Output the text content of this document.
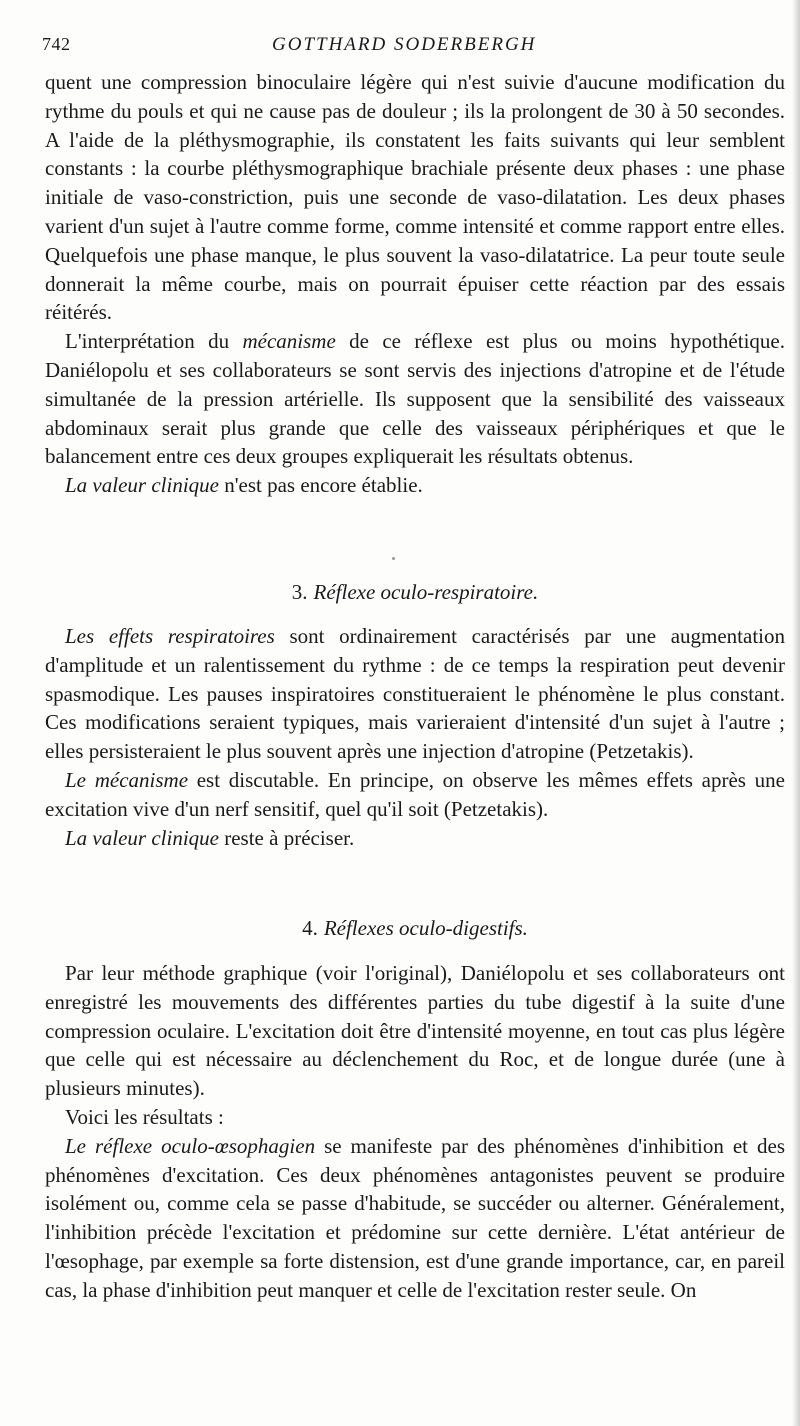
742	GOTTHARD SODERBERGH

quent une compression binoculaire légère qui n'est suivie d'aucune modification du rythme du pouls et qui ne cause pas de douleur ; ils la prolongent de 30 à 50 secondes. A l'aide de la pléthysmographie, ils constatent les faits suivants qui leur semblent constants : la courbe pléthysmographique brachiale présente deux phases : une phase initiale de vaso-constriction, puis une seconde de vaso-dilatation. Les deux phases varient d'un sujet à l'autre comme forme, comme intensité et comme rapport entre elles. Quelquefois une phase manque, le plus souvent la vaso-dilatatrice. La peur toute seule donnerait la même courbe, mais on pourrait épuiser cette réaction par des essais réitérés.

L'interprétation du mécanisme de ce réflexe est plus ou moins hypothétique. Daniélopolu et ses collaborateurs se sont servis des injections d'atropine et de l'étude simultanée de la pression artérielle. Ils supposent que la sensibilité des vaisseaux abdominaux serait plus grande que celle des vaisseaux périphériques et que le balancement entre ces deux groupes expliquerait les résultats obtenus.

La valeur clinique n'est pas encore établie.

3. Réflexe oculo-respiratoire.

Les effets respiratoires sont ordinairement caractérisés par une augmentation d'amplitude et un ralentissement du rythme : de ce temps la respiration peut devenir spasmodique. Les pauses inspiratoires constitueraient le phénomène le plus constant. Ces modifications seraient typiques, mais varieraient d'intensité d'un sujet à l'autre ; elles persisteraient le plus souvent après une injection d'atropine (Petzetakis).

Le mécanisme est discutable. En principe, on observe les mêmes effets après une excitation vive d'un nerf sensitif, quel qu'il soit (Petzetakis).

La valeur clinique reste à préciser.

4. Réflexes oculo-digestifs.

Par leur méthode graphique (voir l'original), Daniélopolu et ses collaborateurs ont enregistré les mouvements des différentes parties du tube digestif à la suite d'une compression oculaire. L'excitation doit être d'intensité moyenne, en tout cas plus légère que celle qui est nécessaire au déclenchement du Roc, et de longue durée (une à plusieurs minutes).

Voici les résultats :

Le réflexe oculo-œsophagien se manifeste par des phénomènes d'inhibition et des phénomènes d'excitation. Ces deux phénomènes antagonistes peuvent se produire isolément ou, comme cela se passe d'habitude, se succéder ou alterner. Généralement, l'inhibition précède l'excitation et prédomine sur cette dernière. L'état antérieur de l'œsophage, par exemple sa forte distension, est d'une grande importance, car, en pareil cas, la phase d'inhibition peut manquer et celle de l'excitation rester seule. On
